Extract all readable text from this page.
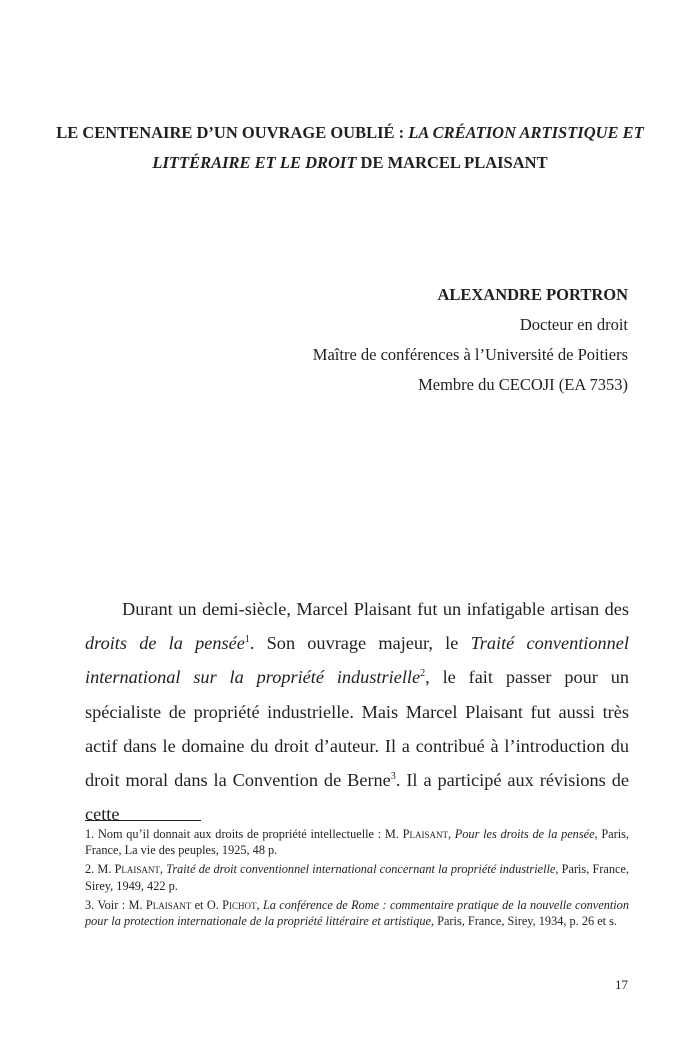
LE CENTENAIRE D’UN OUVRAGE OUBLIÉ : LA CRÉATION ARTISTIQUE ET LITTÉRAIRE ET LE DROIT DE MARCEL PLAISANT
ALEXANDRE PORTRON
Docteur en droit
Maître de conférences à l’Université de Poitiers
Membre du CECOJI (EA 7353)

Durant un demi-siècle, Marcel Plaisant fut un infatigable artisan des droits de la pensée$^1$. Son ouvrage majeur, le Traité conventionnel international sur la propriété industrielle$^2$, le fait passer pour un spécialiste de propriété industrielle. Mais Marcel Plaisant fut aussi très actif dans le domaine du droit d’auteur. Il a contribué à l’introduction du droit moral dans la Convention de Berne$^3$. Il a participé aux révisions de cette

1. Nom qu’il donnait aux droits de propriété intellectuelle : M. Plaisant, Pour les droits de la pensée, Paris, France, La vie des peuples, 1925, 48 p.

2. M. Plaisant, Traité de droit conventionnel international concernant la propriété industrielle, Paris, France, Sirey, 1949, 422 p.

3. Voir : M. Plaisant et O. Pichot, La conférence de Rome : commentaire pratique de la nouvelle convention pour la protection internationale de la propriété littéraire et artistique, Paris, France, Sirey, 1934, p. 26 et s.

17
